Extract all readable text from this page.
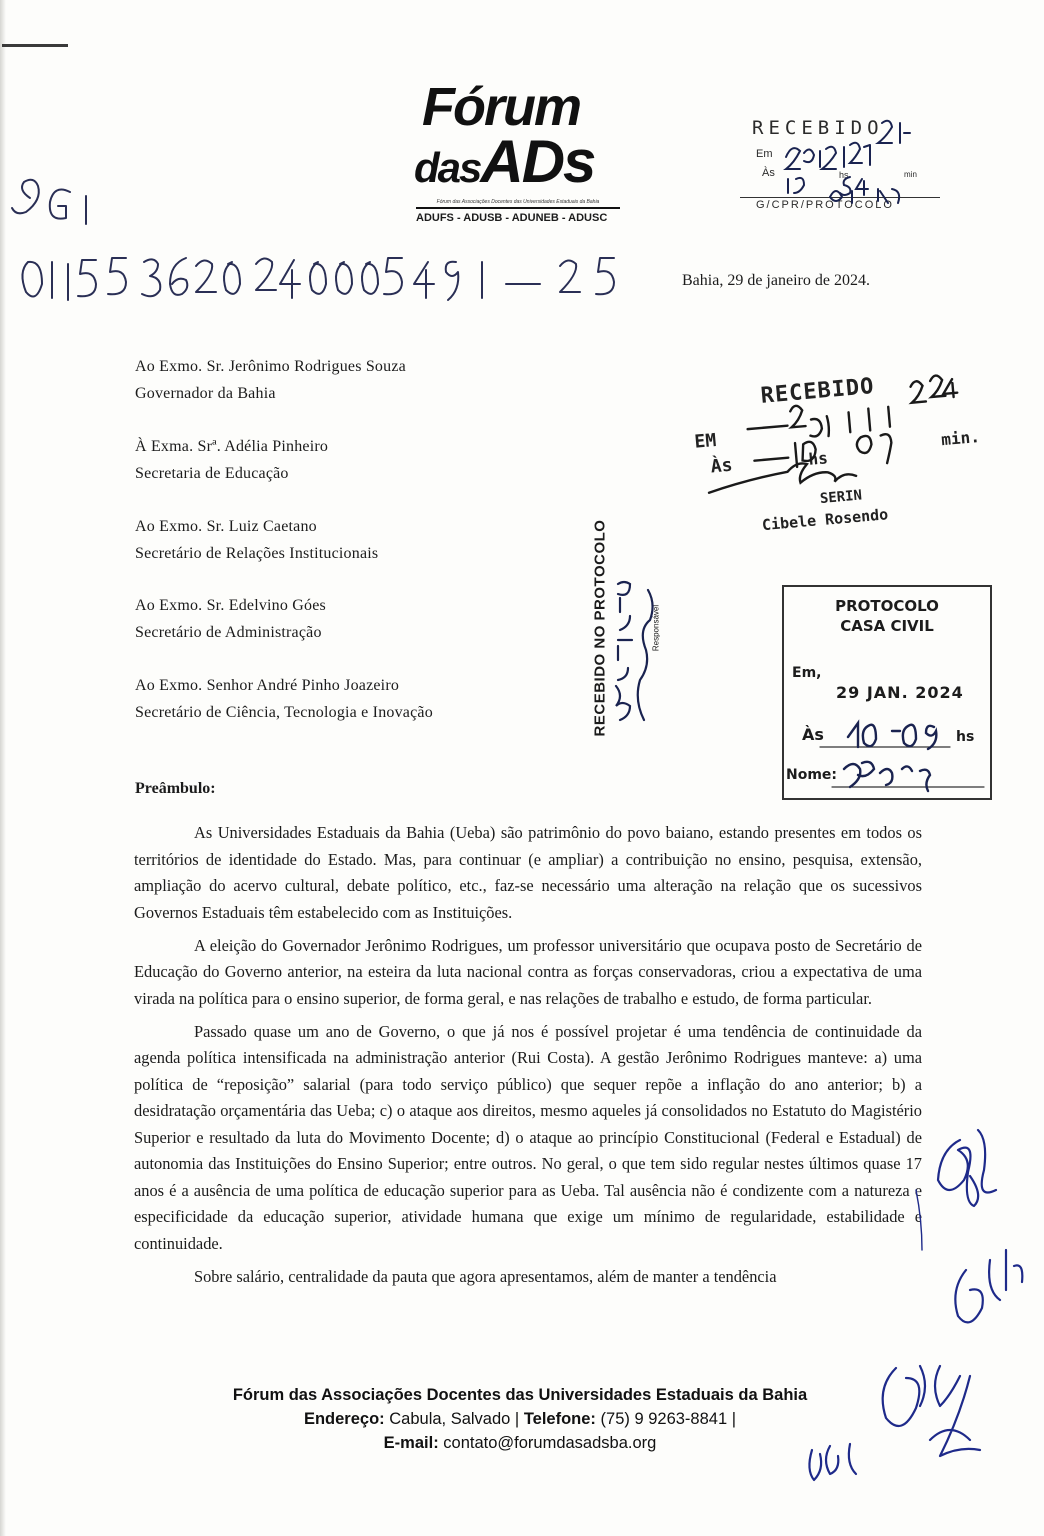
Fórum
dasADs
Fórum das Associações Docentes das Universidades Estaduais da Bahia
ADUFS - ADUSB - ADUNEB - ADUSC
RECEBIDO
Em
Às	hs	min
G/CPR/PROTOCOLO
SGI
Bahia, 29 de janeiro de 2024.
Ao Exmo. Sr. Jerônimo Rodrigues Souza
Governador da Bahia
À Exma. Srª. Adélia Pinheiro
Secretaria de Educação
Ao Exmo. Sr. Luiz Caetano
Secretário de Relações Institucionais
Ao Exmo. Sr. Edelvino Góes
Secretário de Administração
Ao Exmo. Senhor André Pinho Joazeiro
Secretário de Ciência, Tecnologia e Inovação
RECEBIDO
EM
Às	hs
min.
SERIN
Cibele Rosendo
RECEBIDO NO PROTOCOLO	Responsável	PROTOCOLO
CASA CIVIL
Em,
29 JAN. 2024
Às	hs
Nome:
Preâmbulo:

As Universidades Estaduais da Bahia (Ueba) são patrimônio do povo baiano, estando presentes em todos os territórios de identidade do Estado. Mas, para continuar (e ampliar) a contribuição no ensino, pesquisa, extensão, ampliação do acervo cultural, debate político, etc., faz-se necessário uma alteração na relação que os sucessivos Governos Estaduais têm estabelecido com as Instituições.

A eleição do Governador Jerônimo Rodrigues, um professor universitário que ocupava posto de Secretário de Educação do Governo anterior, na esteira da luta nacional contra as forças conservadoras, criou a expectativa de uma virada na política para o ensino superior, de forma geral, e nas relações de trabalho e estudo, de forma particular.

Passado quase um ano de Governo, o que já nos é possível projetar é uma tendência de continuidade da agenda política intensificada na administração anterior (Rui Costa). A gestão Jerônimo Rodrigues manteve: a) uma política de “reposição” salarial (para todo serviço público) que sequer repõe a inflação do ano anterior; b) a desidratação orçamentária das Ueba; c) o ataque aos direitos, mesmo aqueles já consolidados no Estatuto do Magistério Superior e resultado da luta do Movimento Docente; d) o ataque ao princípio Constitucional (Federal e Estadual) de autonomia das Instituições do Ensino Superior; entre outros. No geral, o que tem sido regular nestes últimos quase 17 anos é a ausência de uma política de educação superior para as Ueba. Tal ausência não é condizente com a natureza e especificidade da educação superior, atividade humana que exige um mínimo de regularidade, estabilidade e continuidade.

Sobre salário, centralidade da pauta que agora apresentamos, além de manter a tendência

Fórum das Associações Docentes das Universidades Estaduais da Bahia
Endereço: Cabula, Salvado | Telefone: (75) 9 9263-8841 |
E-mail: contato@forumdasadsba.org
